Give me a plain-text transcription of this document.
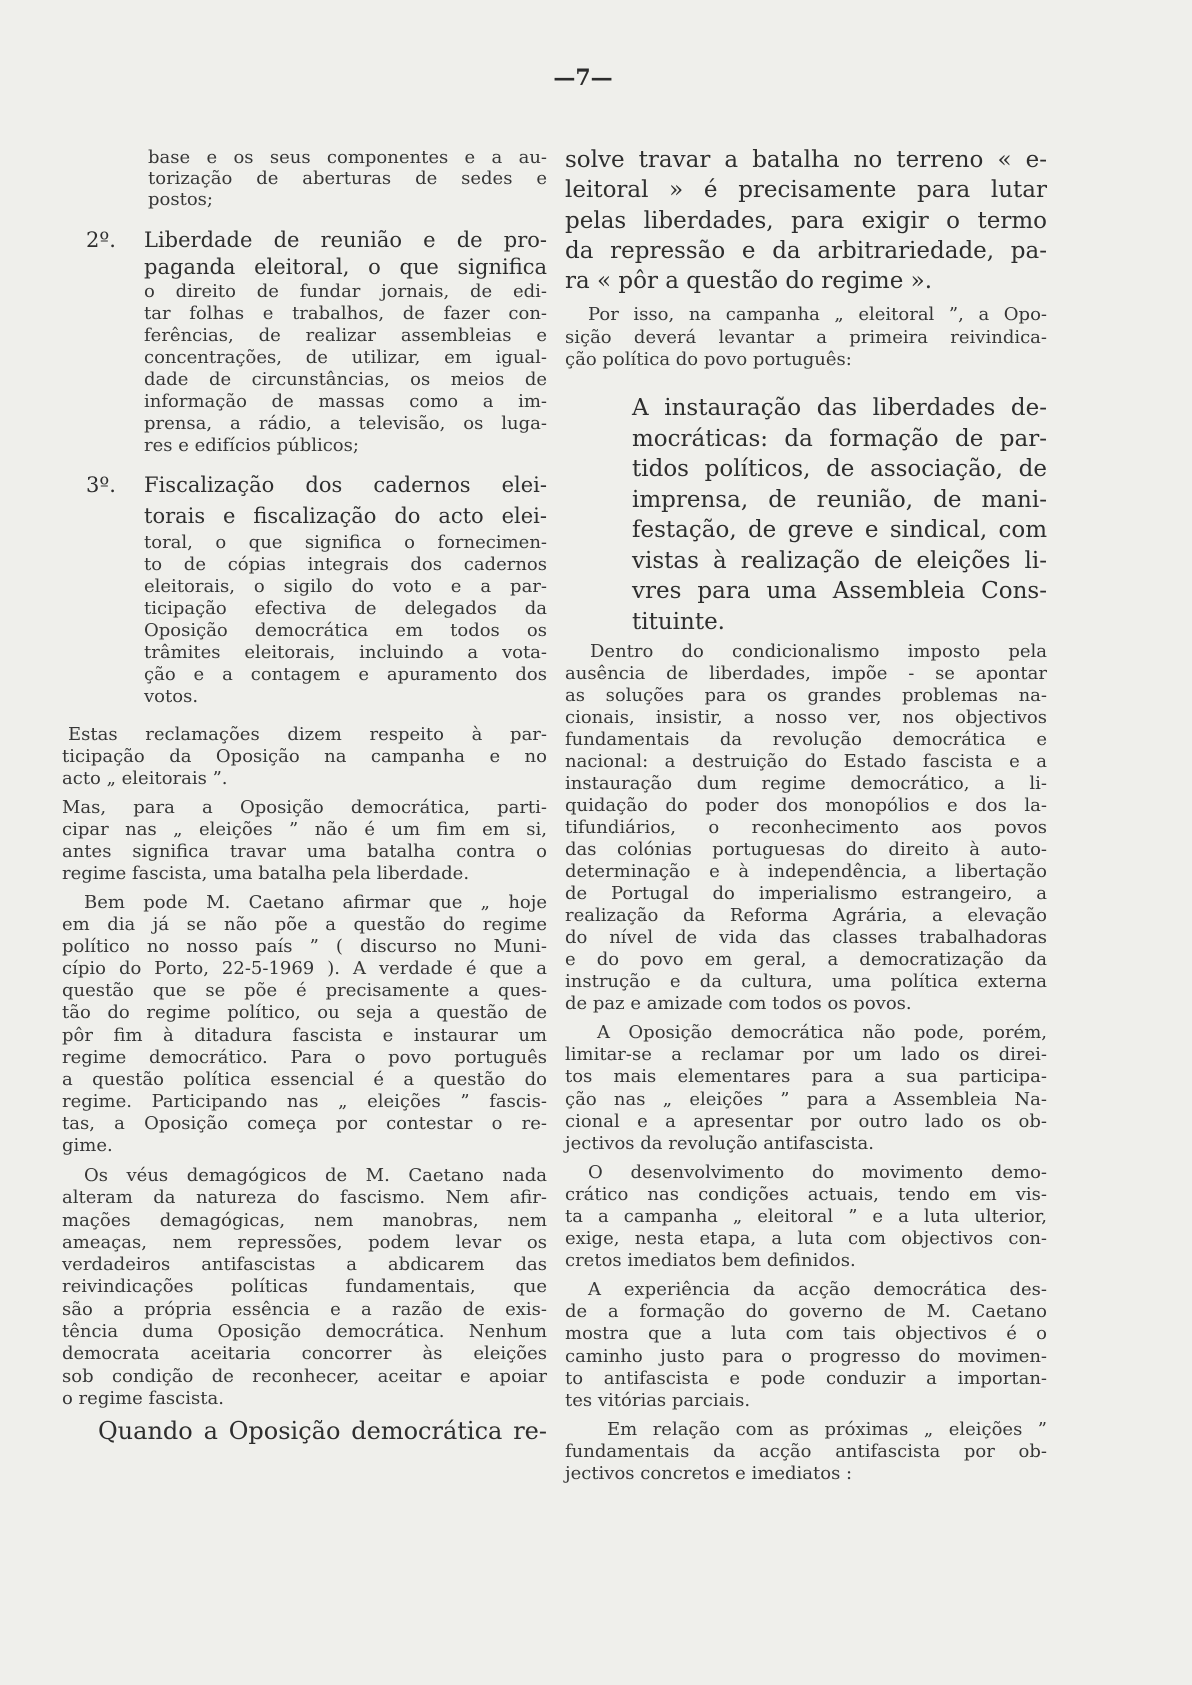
—7—
base e os seus componentes e a au-
torização de aberturas de sedes e
postos;
2º. Liberdade de reunião e de pro-
paganda eleitoral, o que significa
o direito de fundar jornais, de edi-
tar folhas e trabalhos, de fazer con-
ferências, de realizar assembleias e
concentrações, de utilizar, em igual-
dade de circunstâncias, os meios de
informação de massas como a im-
prensa, a rádio, a televisão, os luga-
res e edifícios públicos;
3º. Fiscalização dos cadernos elei-
torais e fiscalização do acto elei-
toral, o que significa o fornecimen-
to de cópias integrais dos cadernos
eleitorais, o sigilo do voto e a par-
ticipação efectiva de delegados da
Oposição democrática em todos os
trâmites eleitorais, incluindo a vota-
ção e a contagem e apuramento dos
votos.
Estas reclamações dizem respeito à par-
ticipação da Oposição na campanha e no
acto „ eleitorais ”.
Mas, para a Oposição democrática, parti-
cipar nas „ eleições ” não é um fim em si,
antes significa travar uma batalha contra o
regime fascista, uma batalha pela liberdade.
Bem pode M. Caetano afirmar que „ hoje
em dia já se não põe a questão do regime
político no nosso país ” ( discurso no Muni-
cípio do Porto, 22-5-1969 ). A verdade é que a
questão que se põe é precisamente a ques-
tão do regime político, ou seja a questão de
pôr fim à ditadura fascista e instaurar um
regime democrático. Para o povo português
a questão política essencial é a questão do
regime. Participando nas „ eleições ” fascis-
tas, a Oposição começa por contestar o re-
gime.
Os véus demagógicos de M. Caetano nada
alteram da natureza do fascismo. Nem afir-
mações demagógicas, nem manobras, nem
ameaças, nem repressões, podem levar os
verdadeiros antifascistas a abdicarem das
reivindicações políticas fundamentais, que
são a própria essência e a razão de exis-
tência duma Oposição democrática. Nenhum
democrata aceitaria concorrer às eleições
sob condição de reconhecer, aceitar e apoiar
o regime fascista.
Quando a Oposição democrática re-
solve travar a batalha no terreno « e-
leitoral » é precisamente para lutar
pelas liberdades, para exigir o termo
da repressão e da arbitrariedade, pa-
ra « pôr a questão do regime ».
Por isso, na campanha „ eleitoral ”, a Opo-
sição deverá levantar a primeira reivindica-
ção política do povo português:
A instauração das liberdades de-
mocráticas: da formação de par-
tidos políticos, de associação, de
imprensa, de reunião, de mani-
festação, de greve e sindical, com
vistas à realização de eleições li-
vres para uma Assembleia Cons-
tituinte.
Dentro do condicionalismo imposto pela
ausência de liberdades, impõe - se apontar
as soluções para os grandes problemas na-
cionais, insistir, a nosso ver, nos objectivos
fundamentais da revolução democrática e
nacional: a destruição do Estado fascista e a
instauração dum regime democrático, a li-
quidação do poder dos monopólios e dos la-
tifundiários, o reconhecimento aos povos
das colónias portuguesas do direito à auto-
determinação e à independência, a libertação
de Portugal do imperialismo estrangeiro, a
realização da Reforma Agrária, a elevação
do nível de vida das classes trabalhadoras
e do povo em geral, a democratização da
instrução e da cultura, uma política externa
de paz e amizade com todos os povos.
A Oposição democrática não pode, porém,
limitar-se a reclamar por um lado os direi-
tos mais elementares para a sua participa-
ção nas „ eleições ” para a Assembleia Na-
cional e a apresentar por outro lado os ob-
jectivos da revolução antifascista.
O desenvolvimento do movimento demo-
crático nas condições actuais, tendo em vis-
ta a campanha „ eleitoral ” e a luta ulterior,
exige, nesta etapa, a luta com objectivos con-
cretos imediatos bem definidos.
A experiência da acção democrática des-
de a formação do governo de M. Caetano
mostra que a luta com tais objectivos é o
caminho justo para o progresso do movimen-
to antifascista e pode conduzir a importan-
tes vitórias parciais.
Em relação com as próximas „ eleições ”
fundamentais da acção antifascista por ob-
jectivos concretos e imediatos :
